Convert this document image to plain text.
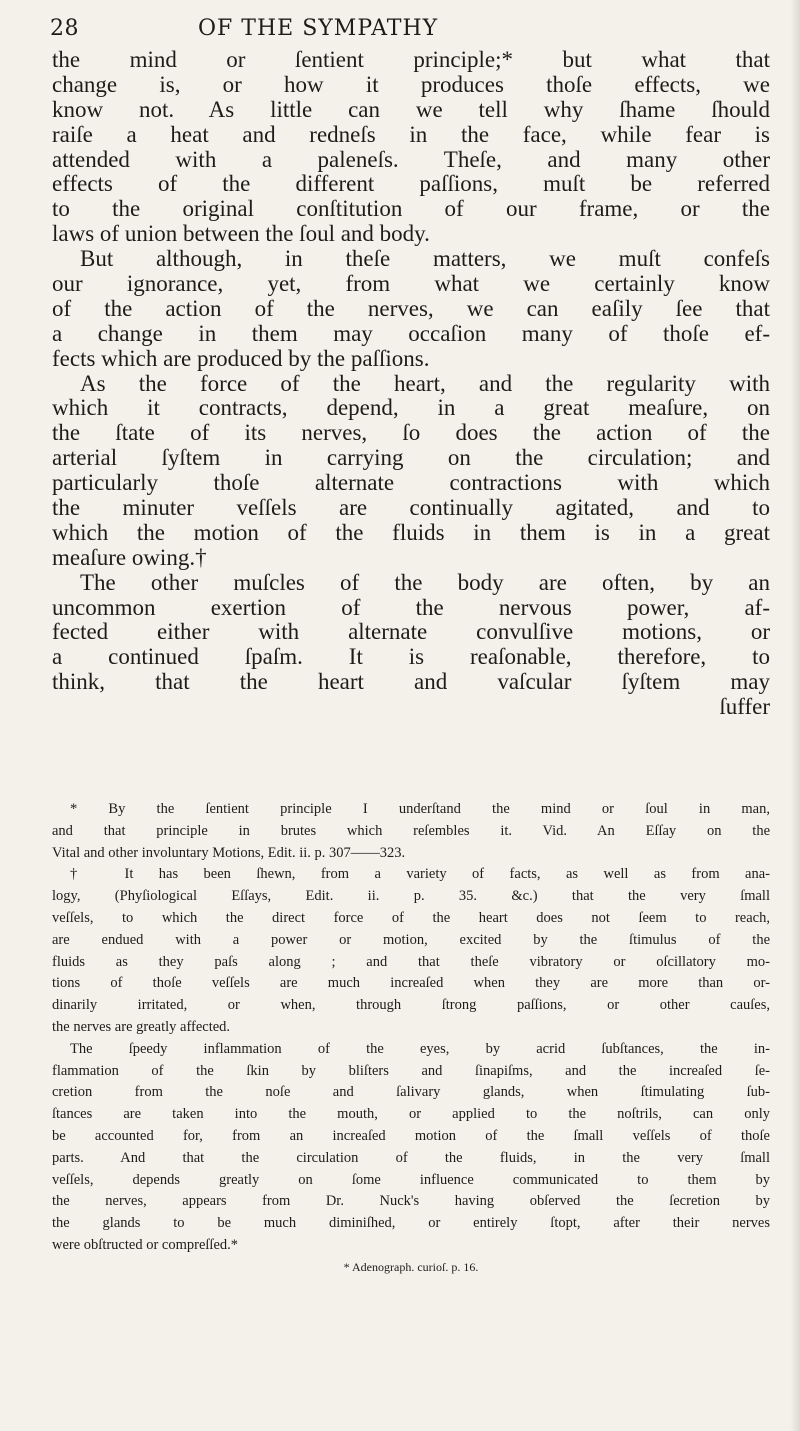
28	OF THE SYMPATHY
the mind or ſentient principle;* but what that
change is, or how it produces thoſe effects, we
know not. As little can we tell why ſhame ſhould
raiſe a heat and redneſs in the face, while fear is
attended with a paleneſs. Theſe, and many other
effects of the different paſſions, muſt be referred
to the original conſtitution of our frame, or the
laws of union between the ſoul and body.
But although, in theſe matters, we muſt confeſs
our ignorance, yet, from what we certainly know
of the action of the nerves, we can eaſily ſee that
a change in them may occaſion many of thoſe ef-
fects which are produced by the paſſions.
As the force of the heart, and the regularity with
which it contracts, depend, in a great meaſure, on
the ſtate of its nerves, ſo does the action of the
arterial ſyſtem in carrying on the circulation; and
particularly thoſe alternate contractions with which
the minuter veſſels are continually agitated, and to
which the motion of the fluids in them is in a great
meaſure owing.†
The other muſcles of the body are often, by an
uncommon exertion of the nervous power, af-
fected either with alternate convulſive motions, or
a continued ſpaſm. It is reaſonable, therefore, to
think, that the heart and vaſcular ſyſtem may
ſuffer
* By the ſentient principle I underſtand the mind or ſoul in man,
and that principle in brutes which reſembles it. Vid. An Eſſay on the
Vital and other involuntary Motions, Edit. ii. p. 307——323.
† It has been ſhewn, from a variety of facts, as well as from ana-
logy, (Phyſiological Eſſays, Edit. ii. p. 35. &c.) that the very ſmall
veſſels, to which the direct force of the heart does not ſeem to reach,
are endued with a power or motion, excited by the ſtimulus of the
fluids as they paſs along ; and that theſe vibratory or oſcillatory mo-
tions of thoſe veſſels are much increaſed when they are more than or-
dinarily irritated, or when, through ſtrong paſſions, or other cauſes,
the nerves are greatly affected.
The ſpeedy inflammation of the eyes, by acrid ſubſtances, the in-
flammation of the ſkin by bliſters and ſinapiſms, and the increaſed ſe-
cretion from the noſe and ſalivary glands, when ſtimulating ſub-
ſtances are taken into the mouth, or applied to the noſtrils, can only
be accounted for, from an increaſed motion of the ſmall veſſels of thoſe
parts. And that the circulation of the fluids, in the very ſmall
veſſels, depends greatly on ſome influence communicated to them by
the nerves, appears from Dr. Nuck's having obſerved the ſecretion by
the glands to be much diminiſhed, or entirely ſtopt, after their nerves
were obſtructed or compreſſed.*
* Adenograph. curioſ. p. 16.
